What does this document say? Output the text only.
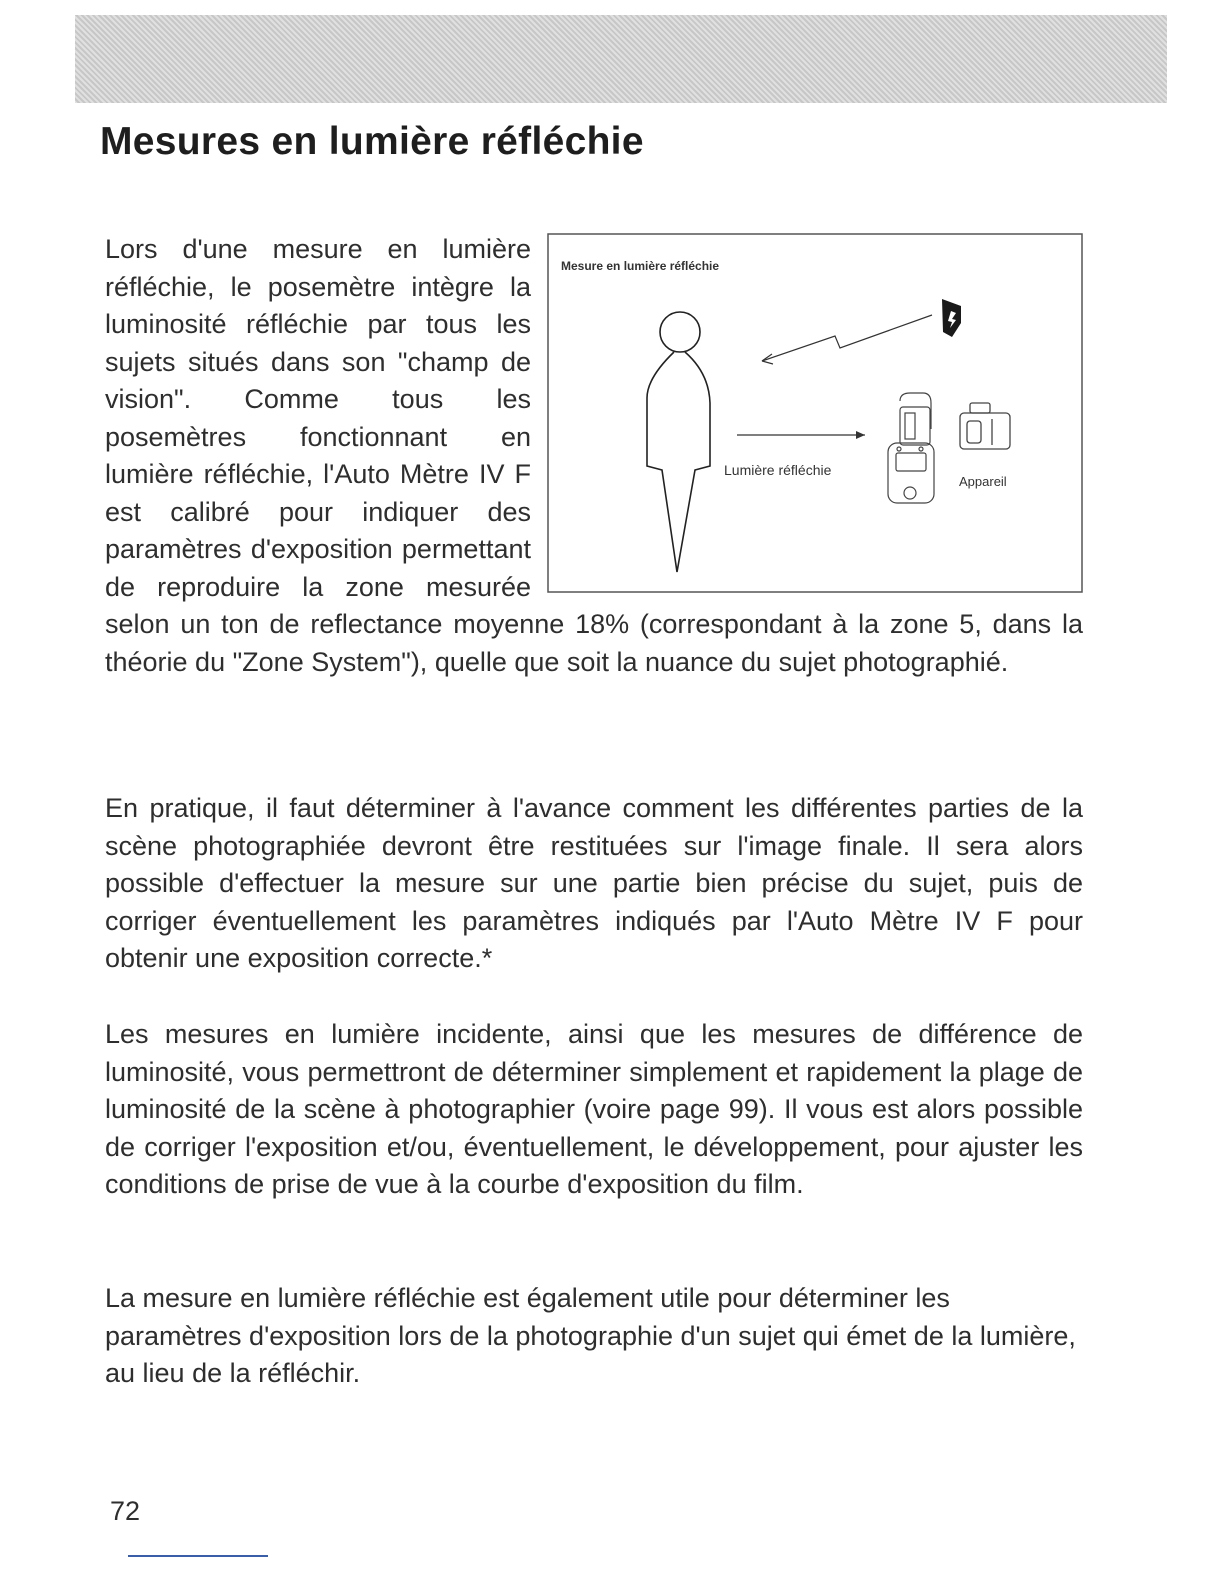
Mesures en lumière réfléchie
Mesure en lumière réfléchie
Lumière réfléchie
Appareil

Lors d'une mesure en lumière réfléchie, le posemètre intègre la luminosité réfléchie par tous les sujets situés dans son "champ de vision". Comme tous les posemètres fonctionnant en lumière réfléchie, l'Auto Mètre IV F est calibré pour indiquer des paramètres d'exposition permettant de reproduire la zone mesurée selon un ton de reflectance moyenne 18% (correspondant à la zone 5, dans la théorie du "Zone System"), quelle que soit la nuance du sujet photographié.

En pratique, il faut déterminer à l'avance comment les différentes parties de la scène photographiée devront être restituées sur l'image finale. Il sera alors possible d'effectuer la mesure sur une partie bien précise du sujet, puis de corriger éventuellement les paramètres indiqués par l'Auto Mètre IV F pour obtenir une exposition correcte.*

Les mesures en lumière incidente, ainsi que les mesures de différence de luminosité, vous permettront de déterminer simplement et rapidement la plage de luminosité de la scène à photographier (voire page 99). Il vous est alors possible de corriger l'exposition et/ou, éventuellement, le développement, pour ajuster les conditions de prise de vue à la courbe d'exposition du film.

La mesure en lumière réfléchie est également utile pour déterminer les paramètres d'exposition lors de la photographie d'un sujet qui émet de la lumière, au lieu de la réfléchir.

72
